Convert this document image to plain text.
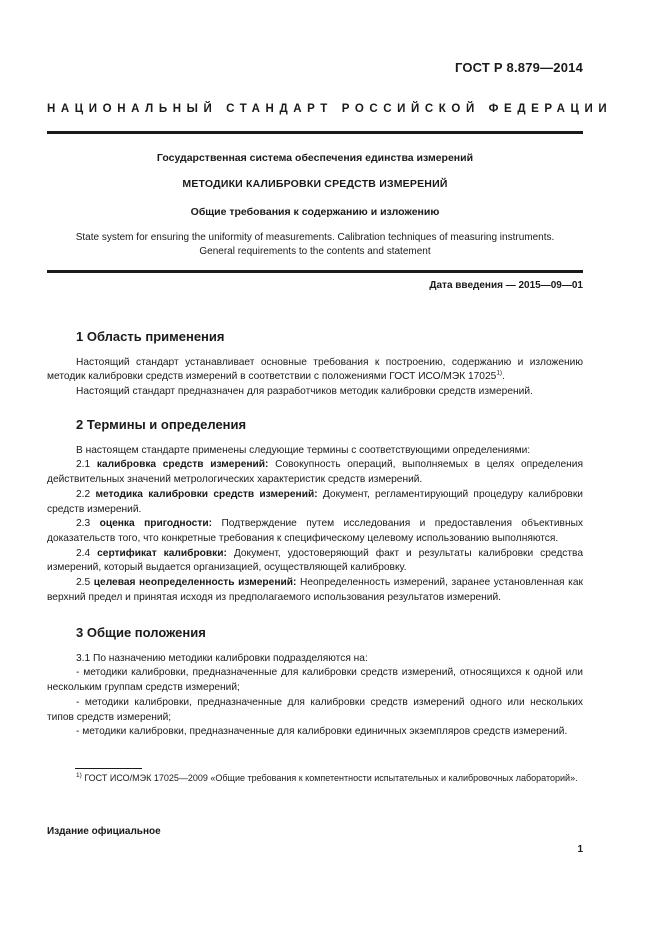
ГОСТ Р 8.879—2014
НАЦИОНАЛЬНЫЙ СТАНДАРТ РОССИЙСКОЙ ФЕДЕРАЦИИ
Государственная система обеспечения единства измерений
МЕТОДИКИ КАЛИБРОВКИ СРЕДСТВ ИЗМЕРЕНИЙ
Общие требования к содержанию и изложению
State system for ensuring the uniformity of measurements. Calibration techniques of measuring instruments.
General requirements to the contents and statement
Дата введения — 2015—09—01
1 Область применения

Настоящий стандарт устанавливает основные требования к построению, содержанию и изложению методик калибровки средств измерений в соответствии с положениями ГОСТ ИСО/МЭК 17025$^{1)}$.

Настоящий стандарт предназначен для разработчиков методик калибровки средств измерений.

2 Термины и определения

В настоящем стандарте применены следующие термины с соответствующими определениями:

2.1 калибровка средств измерений: Совокупность операций, выполняемых в целях определения действительных значений метрологических характеристик средств измерений.

2.2 методика калибровки средств измерений: Документ, регламентирующий процедуру калибровки средств измерений.

2.3 оценка пригодности: Подтверждение путем исследования и предоставления объективных доказательств того, что конкретные требования к специфическому целевому использованию выполняются.

2.4 сертификат калибровки: Документ, удостоверяющий факт и результаты калибровки средства измерений, который выдается организацией, осуществляющей калибровку.

2.5 целевая неопределенность измерений: Неопределенность измерений, заранее установленная как верхний предел и принятая исходя из предполагаемого использования результатов измерений.

3 Общие положения

3.1 По назначению методики калибровки подразделяются на:

- методики калибровки, предназначенные для калибровки средств измерений, относящихся к одной или нескольким группам средств измерений;

- методики калибровки, предназначенные для калибровки средств измерений одного или нескольких типов средств измерений;

- методики калибровки, предназначенные для калибровки единичных экземпляров средств измерений.

$^{1)}$ ГОСТ ИСО/МЭК 17025—2009 «Общие требования к компетентности испытательных и калибровочных лабораторий».
Издание официальное
1
